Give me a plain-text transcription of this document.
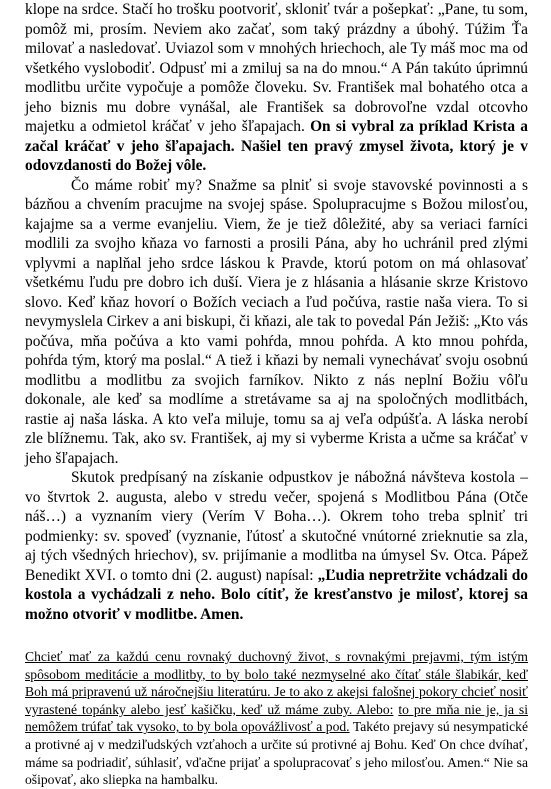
klope na srdce. Stačí ho trošku pootvoriť, skloniť tvár a pošepkať: „Pane, tu som, pomôž mi, prosím. Neviem ako začať, som taký prázdny a úbohý. Túžim Ťa milovať a nasledovať. Uviazol som v mnohých hriechoch, ale Ty máš moc ma od všetkého vyslobodiť. Odpusť mi a zmiluj sa na do mnou.“ A Pán takúto úprimnú modlitbu určite vypočuje a pomôže človeku. Sv. František mal bohatého otca a jeho biznis mu dobre vynášal, ale František sa dobrovoľne vzdal otcovho majetku a odmietol kráčať v jeho šľapajach. On si vybral za príklad Krista a začal kráčať v jeho šľapajach. Našiel ten pravý zmysel života, ktorý je v odovzdanosti do Božej vôle.

Čo máme robiť my? Snažme sa plniť si svoje stavovské povinnosti a s bázňou a chvením pracujme na svojej spáse. Spolupracujme s Božou milosťou, kajajme sa a verme evanjeliu. Viem, že je tiež dôležité, aby sa veriaci farníci modlili za svojho kňaza vo farnosti a prosili Pána, aby ho uchránil pred zlými vplyvmi a naplňal jeho srdce láskou k Pravde, ktorú potom on má ohlasovať všetkému ľudu pre dobro ich duší. Viera je z hlásania a hlásanie skrze Kristovo slovo. Keď kňaz hovorí o Božích veciach a ľud počúva, rastie naša viera. To si nevymyslela Cirkev a ani biskupi, či kňazi, ale tak to povedal Pán Ježiš: „Kto vás počúva, mňa počúva a kto vami pohŕda, mnou pohŕda. A kto mnou pohŕda, pohŕda tým, ktorý ma poslal.“ A tiež i kňazi by nemali vynechávať svoju osobnú modlitbu a modlitbu za svojich farníkov. Nikto z nás neplní Božiu vôľu dokonale, ale keď sa modlíme a stretávame sa aj na spoločných modlitbách, rastie aj naša láska. A kto veľa miluje, tomu sa aj veľa odpúšťa. A láska nerobí zle blížnemu. Tak, ako sv. František, aj my si vyberme Krista a učme sa kráčať v jeho šľapajach.

Skutok predpísaný na získanie odpustkov je nábožná návšteva kostola – vo štvrtok 2. augusta, alebo v stredu večer, spojená s Modlitbou Pána (Otče náš…) a vyznaním viery (Verím V Boha…). Okrem toho treba splniť tri podmienky: sv. spoveď (vyznanie, ľútosť a skutočné vnútorné zrieknutie sa zla, aj tých všedných hriechov), sv. prijímanie a modlitba na úmysel Sv. Otca. Pápež Benedikt XVI. o tomto dni (2. august) napísal: „Ľudia nepretržite vchádzali do kostola a vychádzali z neho. Bolo cítiť, že kresťanstvo je milosť, ktorej sa možno otvoriť v modlitbe. Amen.

Chcieť mať za každú cenu rovnaký duchovný život, s rovnakými prejavmi, tým istým spôsobom meditácie a modlitby, to by bolo také nezmyselné ako čítať stále šlabikár, keď Boh má pripravenú už náročnejšiu literatúru. Je to ako z akejsi falošnej pokory chcieť nosiť vyrastené topánky alebo jesť kašičku, keď už máme zuby. Alebo: to pre mňa nie je, ja si nemôžem trúfať tak vysoko, to by bola opovážlivosť a pod. Takéto prejavy sú nesympatické a protivné aj v medziľudských vzťahoch a určite sú protivné aj Bohu. Keď On chce dvíhať, máme sa podriadiť, súhlasiť, vďačne prijať a spolupracovať s jeho milosťou. Amen.“ Nie sa ošipovať, ako sliepka na hambalku.
